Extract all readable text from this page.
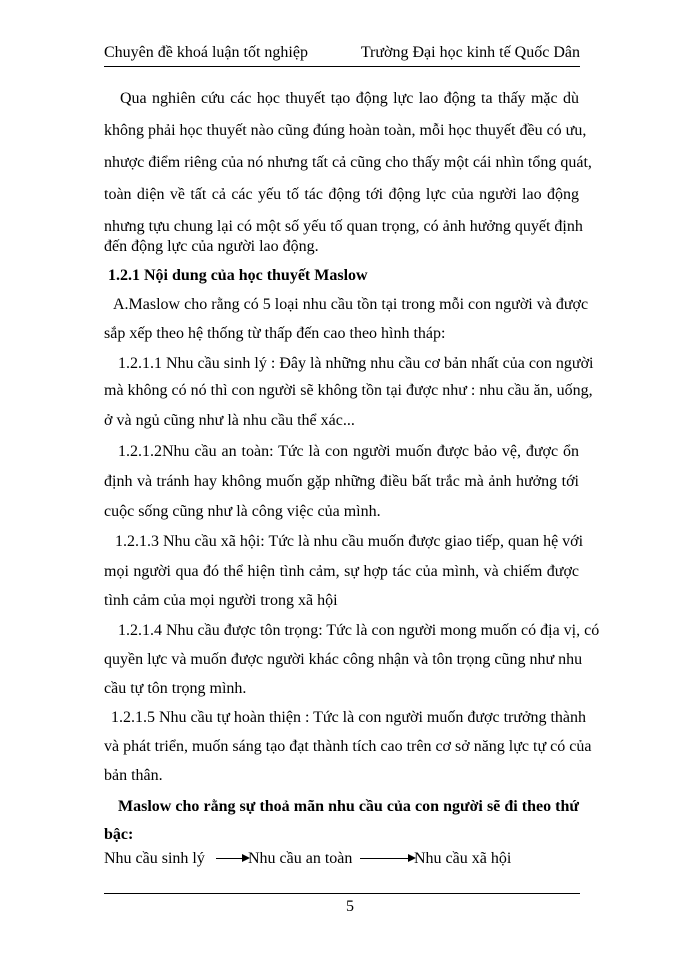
Chuyên đề khoá luận tốt nghiệp	Trường Đại học kinh tế Quốc Dân
Qua nghiên cứu các học thuyết tạo động lực lao động ta thấy mặc dù
không phải học thuyết nào cũng đúng hoàn toàn, mỗi học thuyết đều có ưu,
nhược điểm riêng của nó nhưng tất cả cũng cho thấy một cái nhìn tổng quát,
toàn diện về tất cả các yếu tố tác động tới động lực của người lao động
nhưng tựu chung lại có một số yếu tố quan trọng, có ảnh hưởng quyết định
đến động lực của người lao động.
1.2.1 Nội dung của học thuyết Maslow
A.Maslow cho rằng có 5 loại nhu cầu tồn tại trong mỗi con người và được
sắp xếp theo hệ thống từ thấp đến cao theo hình tháp:
1.2.1.1 Nhu cầu sinh lý : Đây là những nhu cầu cơ bản nhất của con người
mà không có nó thì con người sẽ không tồn tại được như : nhu cầu ăn, uống,
ở và ngủ cũng như là nhu cầu thể xác...
1.2.1.2Nhu cầu an toàn: Tức là con người muốn được bảo vệ, được ổn
định và tránh hay không muốn gặp những điều bất trắc mà ảnh hưởng tới
cuộc sống cũng như là công việc của mình.
1.2.1.3 Nhu cầu xã hội: Tức là nhu cầu muốn được giao tiếp, quan hệ với
mọi người qua đó thể hiện tình cảm, sự hợp tác của mình, và chiếm được
tình cảm của mọi người trong xã hội
1.2.1.4 Nhu cầu được tôn trọng: Tức là con người mong muốn có địa vị, có
quyền lực và muốn được người khác công nhận và tôn trọng cũng như nhu
cầu tự tôn trọng mình.
1.2.1.5 Nhu cầu tự hoàn thiện : Tức là con người muốn được trưởng thành
và phát triển, muốn sáng tạo đạt thành tích cao trên cơ sở năng lực tự có của
bản thân.
Maslow cho rằng sự thoả mãn nhu cầu của con người sẽ đi theo thứ
bậc:
Nhu cầu sinh lý	Nhu cầu an toàn	Nhu cầu xã hội
5
